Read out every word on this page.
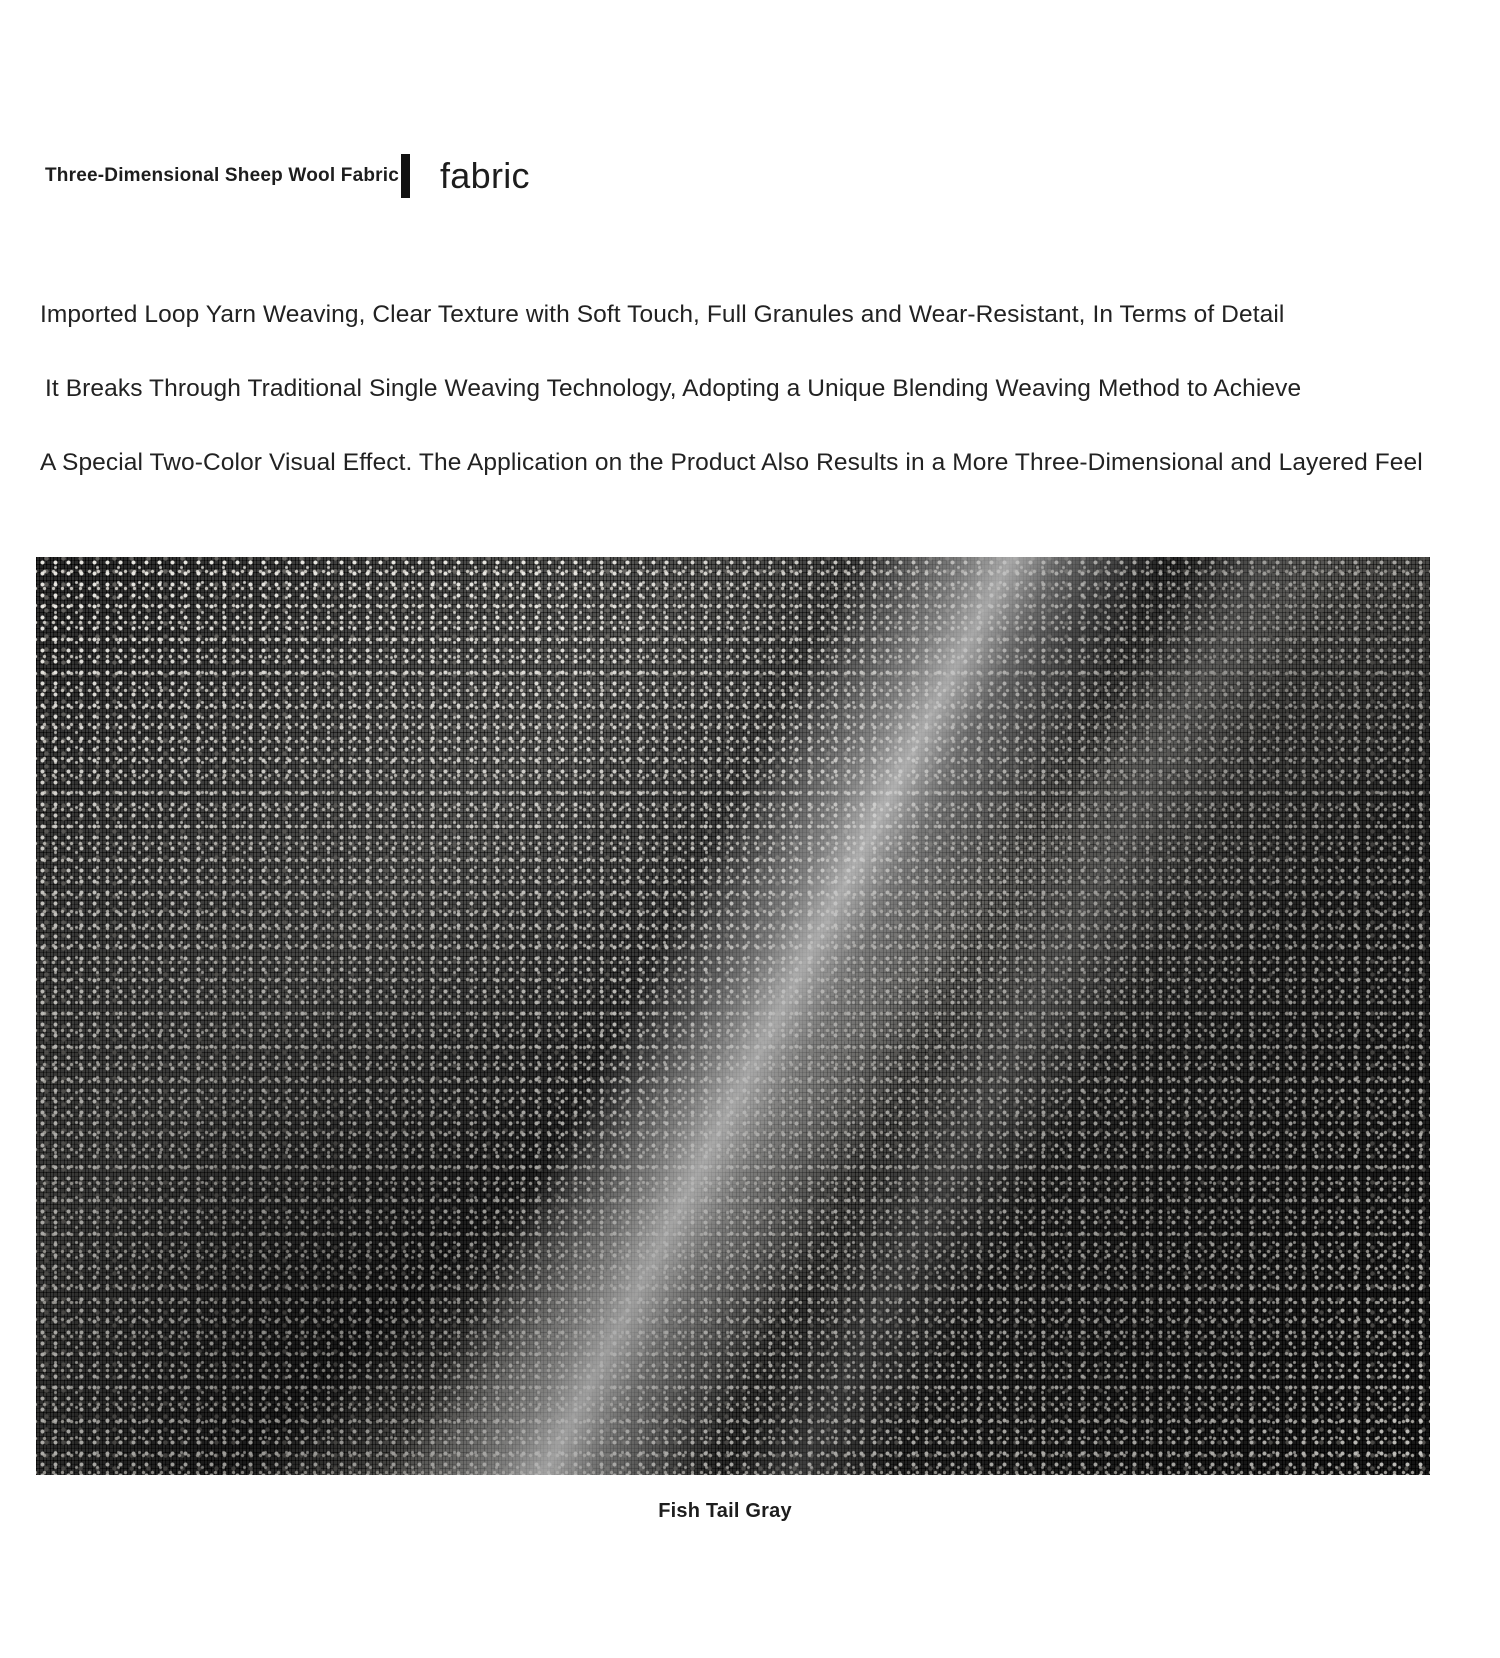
Three-Dimensional Sheep Wool Fabric fabric
Imported Loop Yarn Weaving, Clear Texture with Soft Touch, Full Granules and Wear-Resistant, In Terms of Detail
It Breaks Through Traditional Single Weaving Technology, Adopting a Unique Blending Weaving Method to Achieve
A Special Two-Color Visual Effect. The Application on the Product Also Results in a More Three-Dimensional and Layered Feel
Fish Tail Gray
